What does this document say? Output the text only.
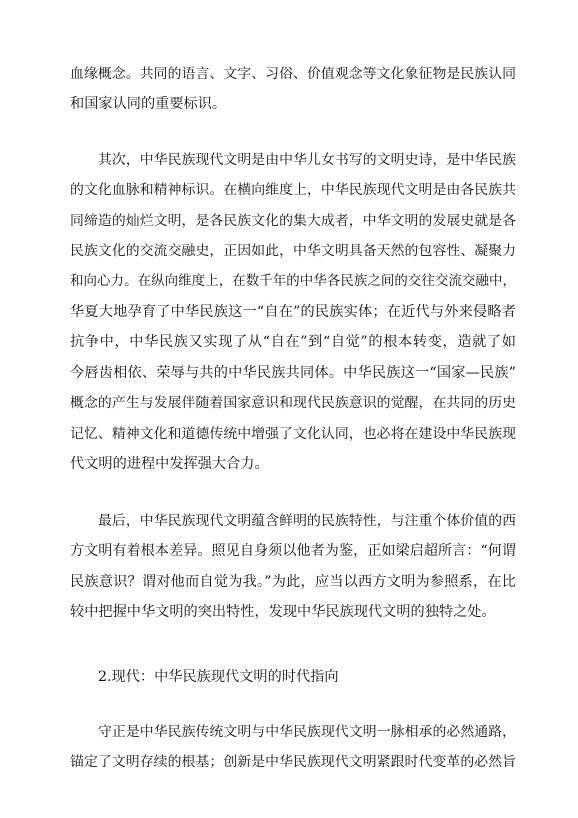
血缘概念。共同的语言、文字、习俗、价值观念等文化象征物是民族认同
和国家认同的重要标识。
其次，中华民族现代文明是由中华儿女书写的文明史诗，是中华民族
的文化血脉和精神标识。在横向维度上，中华民族现代文明是由各民族共
同缔造的灿烂文明，是各民族文化的集大成者，中华文明的发展史就是各
民族文化的交流交融史，正因如此，中华文明具备天然的包容性、凝聚力
和向心力。在纵向维度上，在数千年的中华各民族之间的交往交流交融中，
华夏大地孕育了中华民族这一“自在”的民族实体；在近代与外来侵略者
抗争中，中华民族又实现了从“自在”到“自觉”的根本转变，造就了如
今唇齿相依、荣辱与共的中华民族共同体。中华民族这一“国家—民族”
概念的产生与发展伴随着国家意识和现代民族意识的觉醒，在共同的历史
记忆、精神文化和道德传统中增强了文化认同，也必将在建设中华民族现
代文明的进程中发挥强大合力。
最后，中华民族现代文明蕴含鲜明的民族特性，与注重个体价值的西
方文明有着根本差异。照见自身须以他者为鉴，正如梁启超所言：“何谓
民族意识？谓对他而自觉为我。”为此，应当以西方文明为参照系，在比
较中把握中华文明的突出特性，发现中华民族现代文明的独特之处。
2.现代：中华民族现代文明的时代指向
守正是中华民族传统文明与中华民族现代文明一脉相承的必然通路，
锚定了文明存续的根基；创新是中华民族现代文明紧跟时代变革的必然旨
